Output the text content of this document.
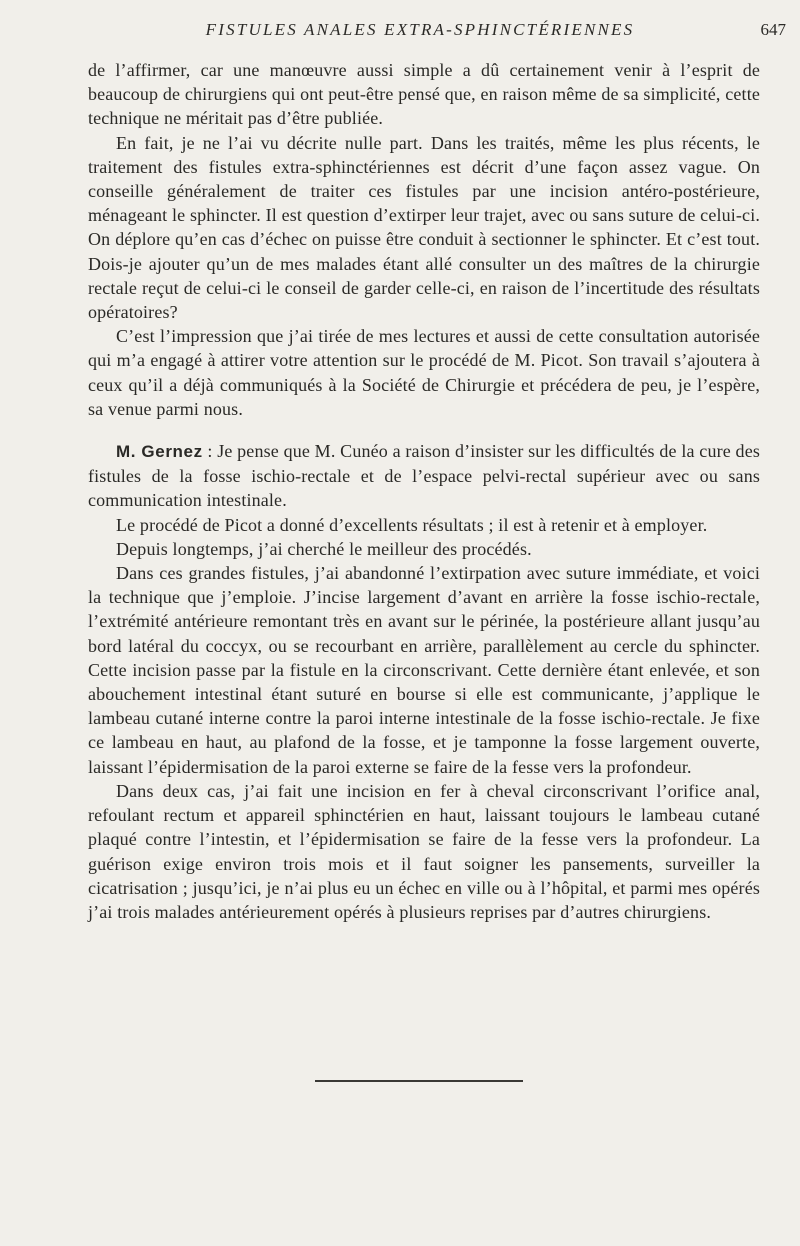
FISTULES ANALES EXTRA-SPHINCTÉRIENNES	647

de l’affirmer, car une manœuvre aussi simple a dû certainement venir à l’esprit de beaucoup de chirurgiens qui ont peut-être pensé que, en raison même de sa simplicité, cette technique ne méritait pas d’être publiée.

En fait, je ne l’ai vu décrite nulle part. Dans les traités, même les plus récents, le traitement des fistules extra-sphinctériennes est décrit d’une façon assez vague. On conseille généralement de traiter ces fistules par une incision antéro-postérieure, ménageant le sphincter. Il est question d’extirper leur trajet, avec ou sans suture de celui-ci. On déplore qu’en cas d’échec on puisse être conduit à sectionner le sphincter. Et c’est tout. Dois-je ajouter qu’un de mes malades étant allé consulter un des maîtres de la chirurgie rectale reçut de celui-ci le conseil de garder celle-ci, en raison de l’incertitude des résultats opératoires?

C’est l’impression que j’ai tirée de mes lectures et aussi de cette consultation autorisée qui m’a engagé à attirer votre attention sur le procédé de M. Picot. Son travail s’ajoutera à ceux qu’il a déjà communiqués à la Société de Chirurgie et précédera de peu, je l’espère, sa venue parmi nous.

M. Gernez : Je pense que M. Cunéo a raison d’insister sur les difficultés de la cure des fistules de la fosse ischio-rectale et de l’espace pelvi-rectal supérieur avec ou sans communication intestinale.

Le procédé de Picot a donné d’excellents résultats ; il est à retenir et à employer.

Depuis longtemps, j’ai cherché le meilleur des procédés.

Dans ces grandes fistules, j’ai abandonné l’extirpation avec suture immédiate, et voici la technique que j’emploie. J’incise largement d’avant en arrière la fosse ischio-rectale, l’extrémité antérieure remontant très en avant sur le périnée, la postérieure allant jusqu’au bord latéral du coccyx, ou se recourbant en arrière, parallèlement au cercle du sphincter. Cette incision passe par la fistule en la circonscrivant. Cette dernière étant enlevée, et son abouchement intestinal étant suturé en bourse si elle est communicante, j’applique le lambeau cutané interne contre la paroi interne intestinale de la fosse ischio-rectale. Je fixe ce lambeau en haut, au plafond de la fosse, et je tamponne la fosse largement ouverte, laissant l’épidermisation de la paroi externe se faire de la fesse vers la profondeur.

Dans deux cas, j’ai fait une incision en fer à cheval circonscrivant l’orifice anal, refoulant rectum et appareil sphinctérien en haut, laissant toujours le lambeau cutané plaqué contre l’intestin, et l’épidermisation se faire de la fesse vers la profondeur. La guérison exige environ trois mois et il faut soigner les pansements, surveiller la cicatrisation ; jusqu’ici, je n’ai plus eu un échec en ville ou à l’hôpital, et parmi mes opérés j’ai trois malades antérieurement opérés à plusieurs reprises par d’autres chirurgiens.
